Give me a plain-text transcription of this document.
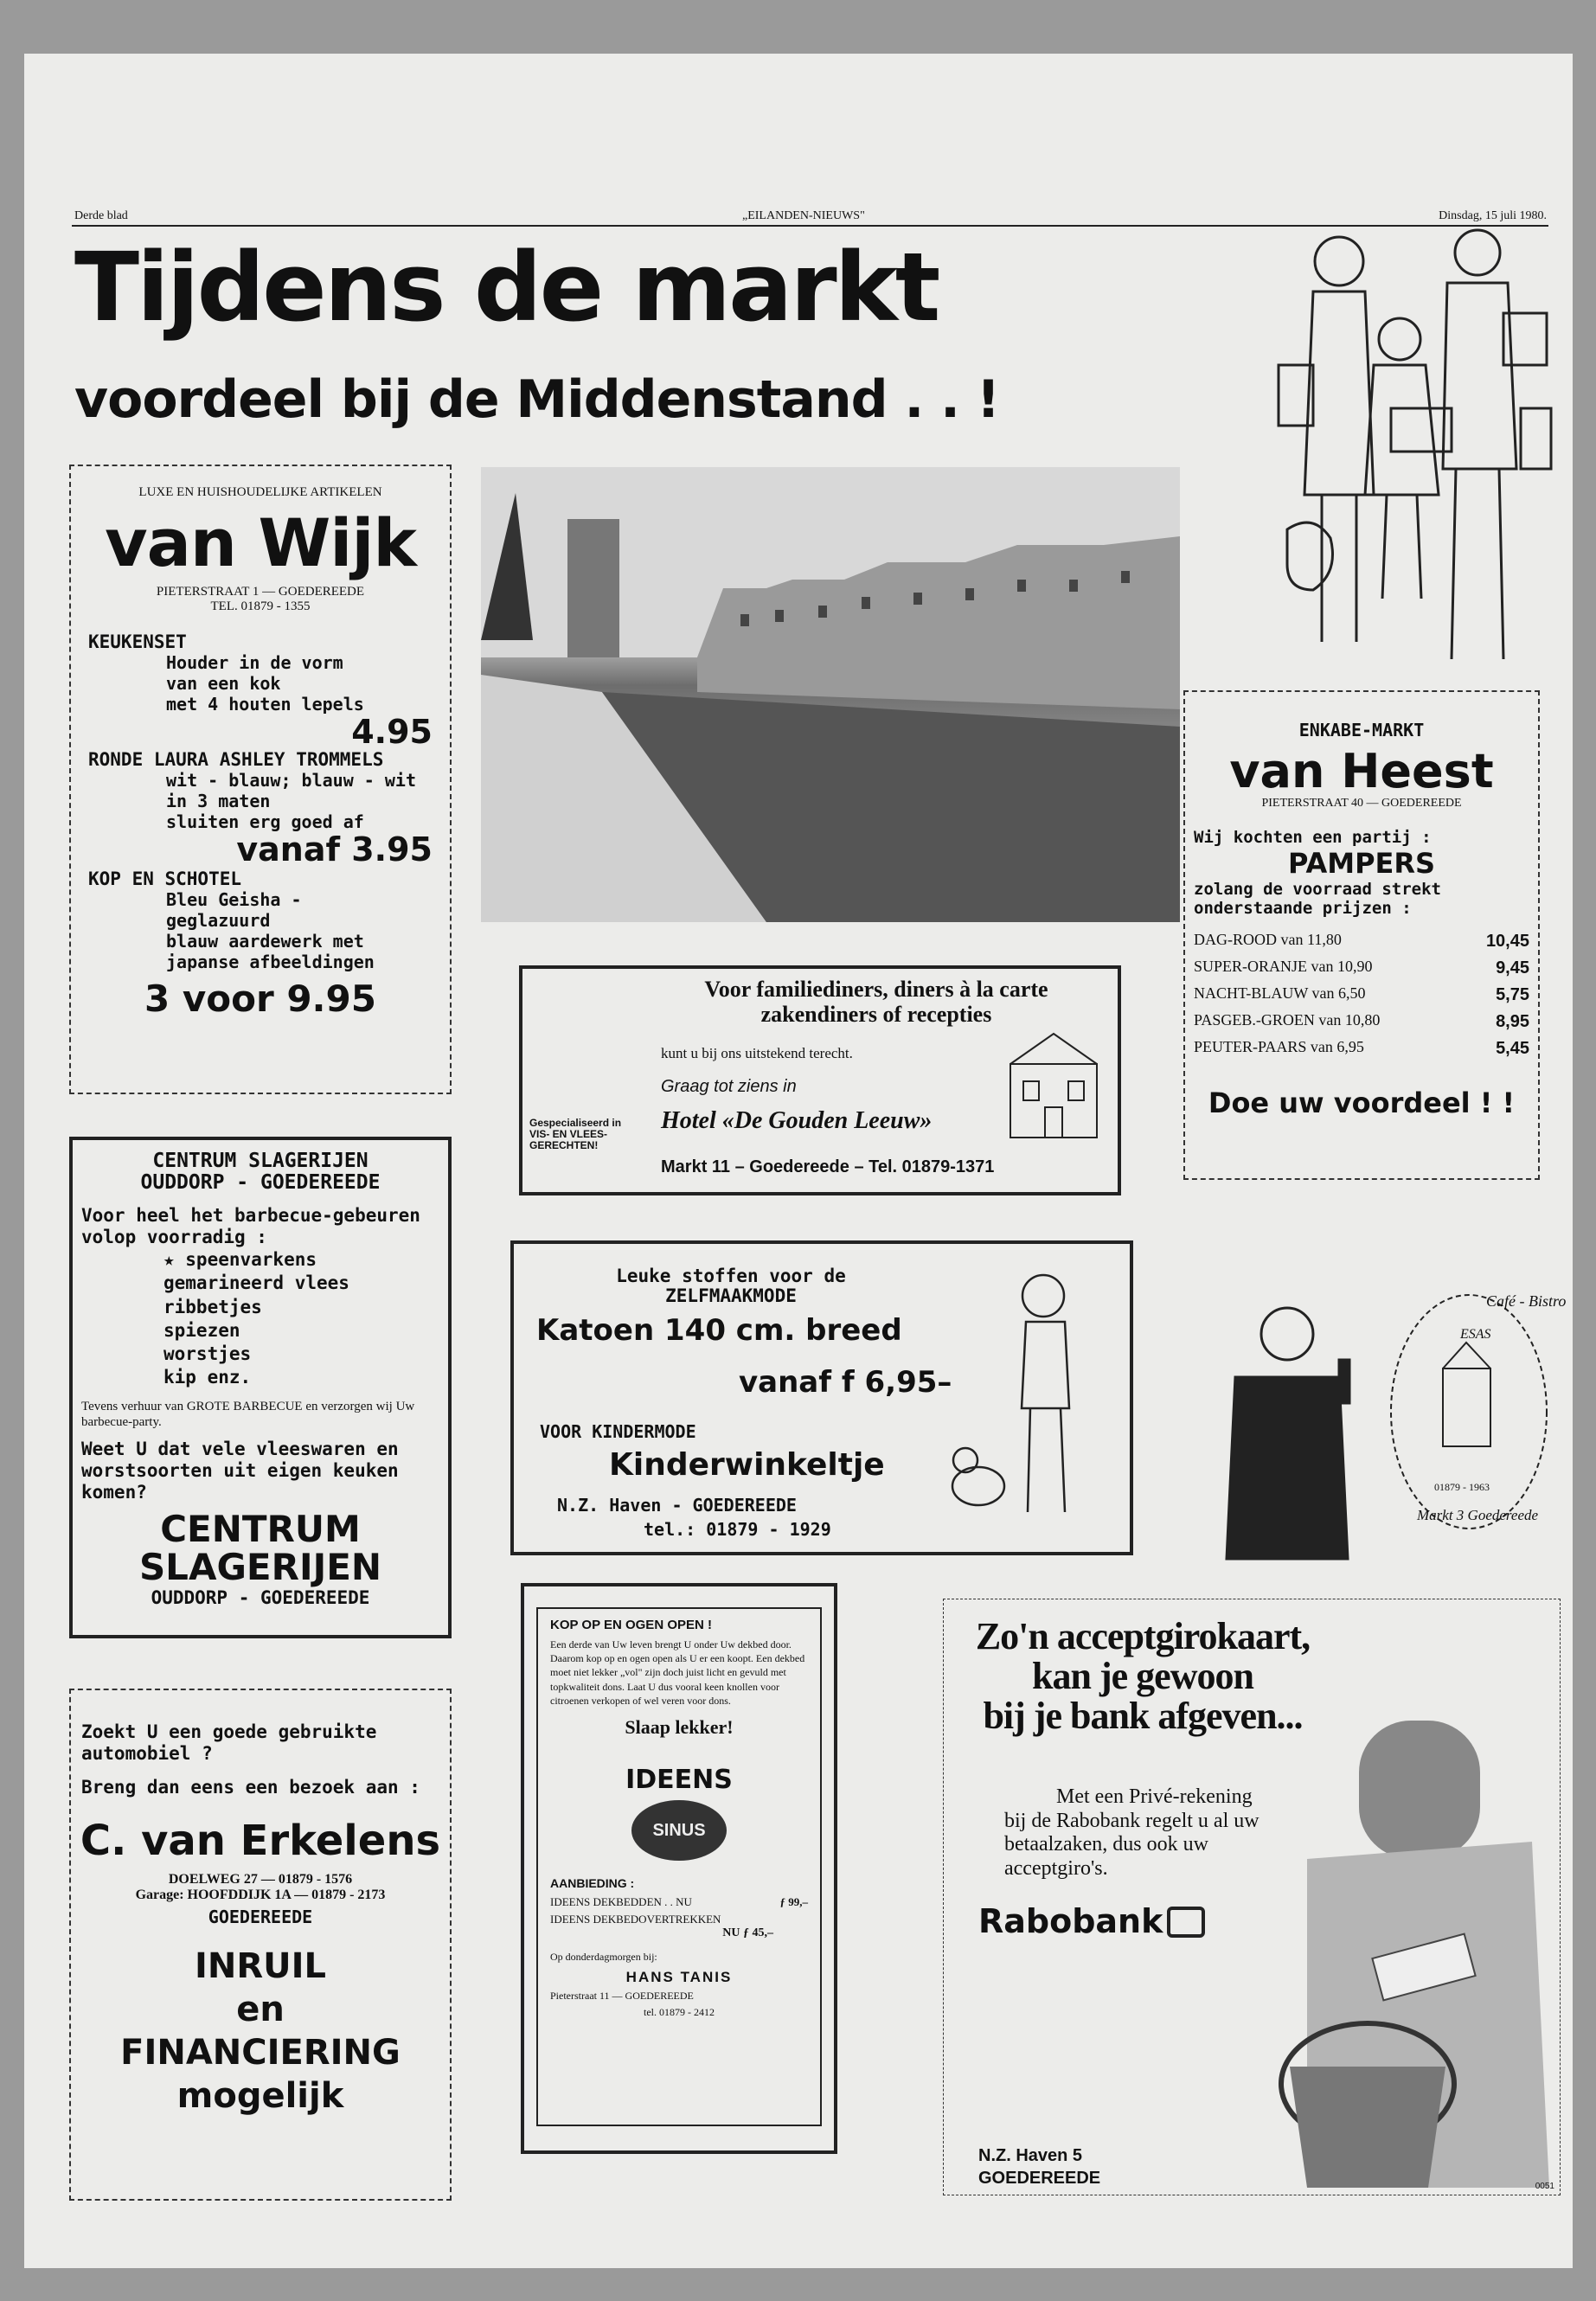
Derde blad	„EILANDEN-NIEUWS"	Dinsdag, 15 juli 1980.
Tijdens de markt
voordeel bij de Middenstand . . !
LUXE EN HUISHOUDELIJKE ARTIKELEN
van Wijk
PIETERSTRAAT 1 — GOEDEREEDE
TEL. 01879 - 1355
KEUKENSET
Houder in de vorm
van een kok
met 4 houten lepels
4.95
RONDE LAURA ASHLEY TROMMELS
wit - blauw; blauw - wit
in 3 maten
sluiten erg goed af
vanaf 3.95
KOP EN SCHOTEL
Bleu Geisha -
geglazuurd
blauw aardewerk met
japanse afbeeldingen
3 voor 9.95
ENKABE-MARKT
van Heest
PIETERSTRAAT 40 — GOEDEREEDE
Wij kochten een partij :
PAMPERS
zolang de voorraad strekt
onderstaande prijzen :
DAG-ROOD van 11,80	10,45
SUPER-ORANJE van 10,90	9,45
NACHT-BLAUW van 6,50	5,75
PASGEB.-GROEN van 10,80	8,95
PEUTER-PAARS van 6,95	5,45
Doe uw voordeel ! !
Voor familiediners, diners à la carte
zakendiners of recepties
kunt u bij ons uitstekend terecht.
Graag tot ziens in
Hotel «De Gouden Leeuw»
Gespecialiseerd in
VIS- EN VLEES-
GERECHTEN!
Markt 11 – Goedereede – Tel. 01879-1371
CENTRUM SLAGERIJEN
OUDDORP - GOEDEREEDE
Voor heel het barbecue-gebeuren volop voorradig :
★ speenvarkens
gemarineerd vlees
ribbetjes
spiezen
worstjes
kip enz.
Tevens verhuur van GROTE BARBECUE en verzorgen wij Uw barbecue-party.
Weet U dat vele vleeswaren en worstsoorten uit eigen keuken komen?
CENTRUM
SLAGERIJEN
OUDDORP - GOEDEREEDE
Leuke stoffen voor de
ZELFMAAKMODE
Katoen 140 cm. breed
vanaf f 6,95–
VOOR KINDERMODE
Kinderwinkeltje
N.Z. Haven - GOEDEREEDE
tel.: 01879 - 1929
Café - Bistro
ESAS
01879 - 1963
Markt 3 Goedereede
KOP OP EN OGEN OPEN !
Een derde van Uw leven brengt U onder Uw dekbed door. Daarom kop op en ogen open als U er een koopt. Een dekbed moet niet lekker „vol" zijn doch juist licht en gevuld met topkwaliteit dons. Laat U dus vooral keen knollen voor citroenen verkopen of wel veren voor dons.
Slaap lekker!
IDEENS
SINUS
AANBIEDING :
IDEENS DEKBEDDEN . . NU	ƒ 99,–
IDEENS DEKBEDOVERTREKKEN
NU ƒ 45,–
Op donderdagmorgen bij:
HANS TANIS
Pieterstraat 11 — GOEDEREEDE
tel. 01879 - 2412
Zoekt U een goede gebruikte automobiel ?
Breng dan eens een bezoek aan :
C. van Erkelens
DOELWEG 27 — 01879 - 1576
Garage: HOOFDDIJK 1A — 01879 - 2173
GOEDEREEDE
INRUIL
en
FINANCIERING
mogelijk
Zo'n acceptgirokaart,
kan je gewoon
bij je bank afgeven...
Met een Privé-rekening
bij de Rabobank regelt u al uw
betaalzaken, dus ook uw
acceptgiro's.
Rabobank
N.Z. Haven 5
GOEDEREEDE	0051
